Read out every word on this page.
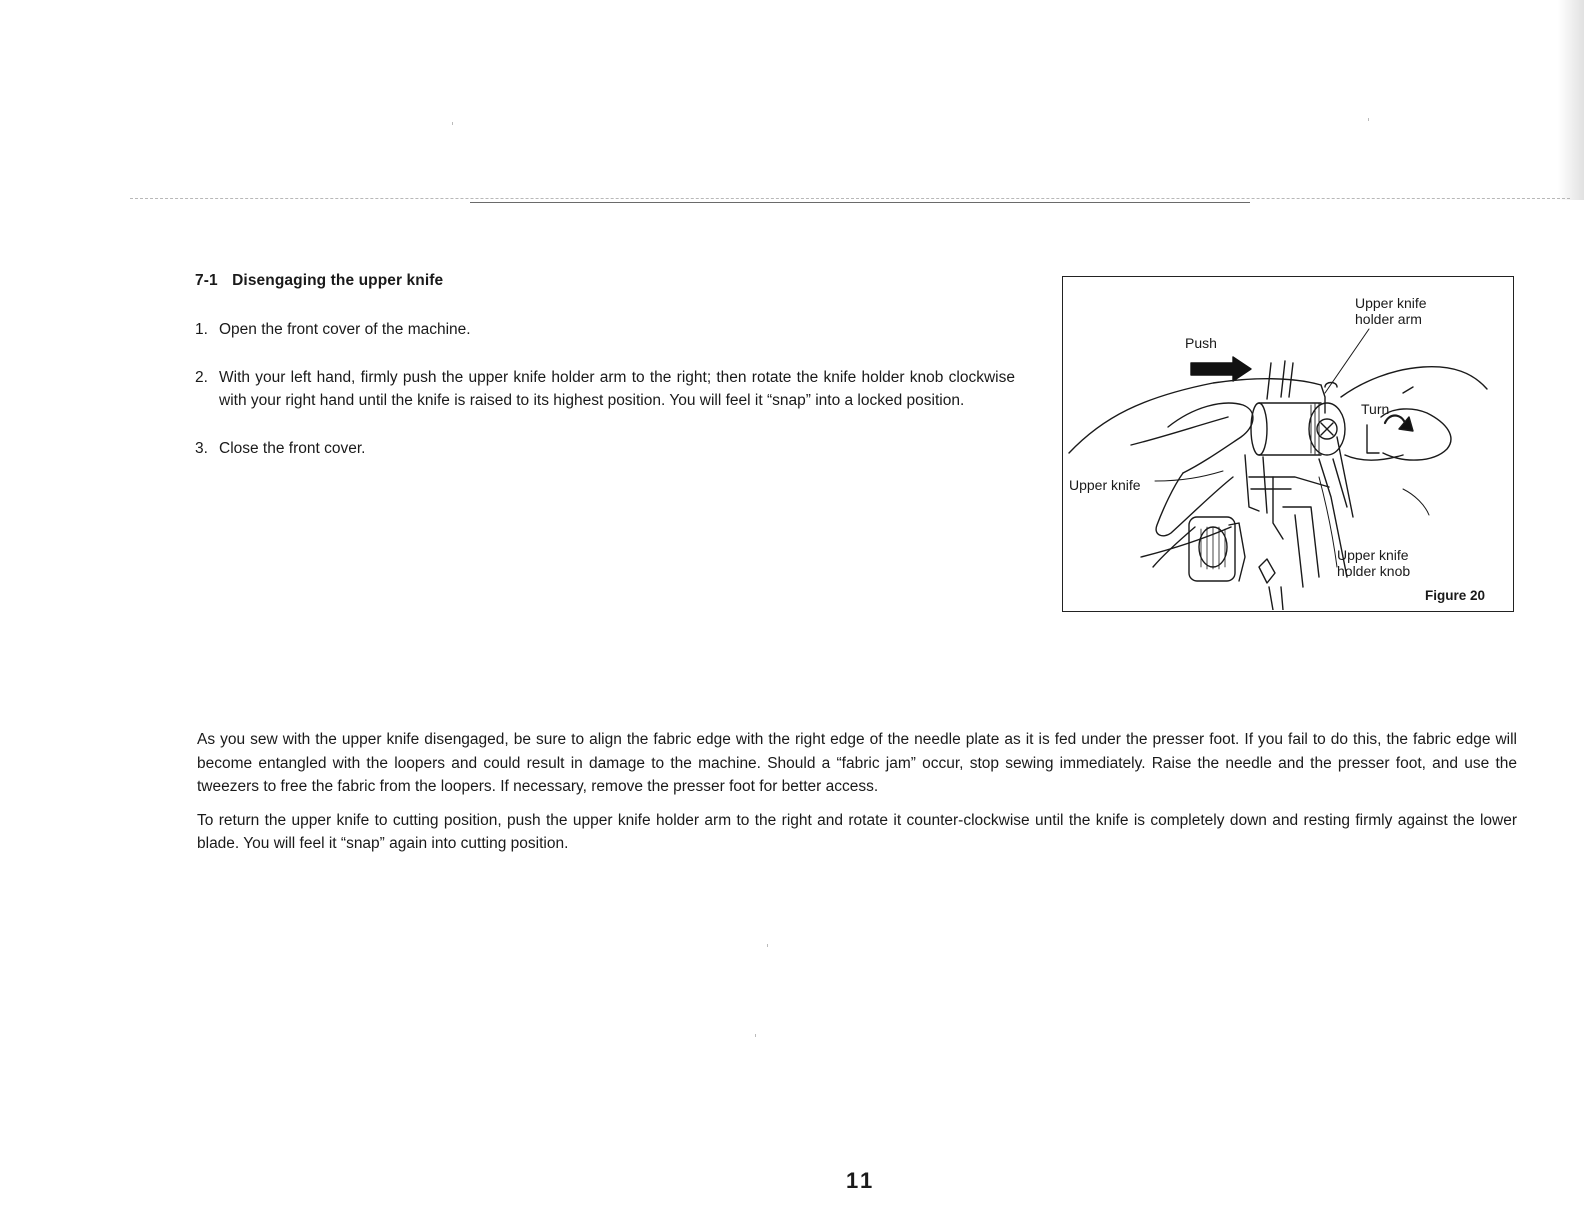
7-1 Disengaging the upper knife
1. Open the front cover of the machine.
2. With your left hand, firmly push the upper knife holder arm to the right; then rotate the knife holder knob clockwise with your right hand until the knife is raised to its highest position. You will feel it “snap” into a locked position.
3. Close the front cover.
Upper knife
holder arm
Push
Turn
Upper knife
Upper knife
holder knob
Figure 20

As you sew with the upper knife disengaged, be sure to align the fabric edge with the right edge of the needle plate as it is fed under the presser foot. If you fail to do this, the fabric edge will become entangled with the loopers and could result in damage to the machine. Should a “fabric jam” occur, stop sewing immediately. Raise the needle and the presser foot, and use the tweezers to free the fabric from the loopers. If necessary, remove the presser foot for better access.

To return the upper knife to cutting position, push the upper knife holder arm to the right and rotate it counter-clockwise until the knife is completely down and resting firmly against the lower blade. You will feel it “snap” again into cutting position.

11
